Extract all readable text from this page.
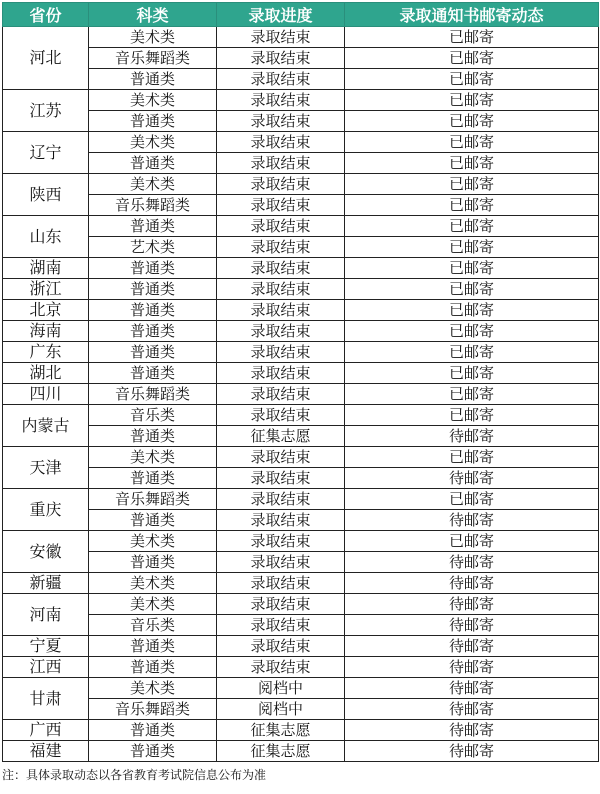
省份	科类	录取进度	录取通知书邮寄动态
河北	美术类	录取结束	已邮寄
	音乐舞蹈类	录取结束	已邮寄
	普通类	录取结束	已邮寄
江苏	美术类	录取结束	已邮寄
	普通类	录取结束	已邮寄
辽宁	美术类	录取结束	已邮寄
	普通类	录取结束	已邮寄
陕西	美术类	录取结束	已邮寄
	音乐舞蹈类	录取结束	已邮寄
山东	普通类	录取结束	已邮寄
	艺术类	录取结束	已邮寄
湖南	普通类	录取结束	已邮寄
浙江	普通类	录取结束	已邮寄
北京	普通类	录取结束	已邮寄
海南	普通类	录取结束	已邮寄
广东	普通类	录取结束	已邮寄
湖北	普通类	录取结束	已邮寄
四川	音乐舞蹈类	录取结束	已邮寄
内蒙古	音乐类	录取结束	已邮寄
	普通类	征集志愿	待邮寄
天津	美术类	录取结束	已邮寄
	普通类	录取结束	待邮寄
重庆	音乐舞蹈类	录取结束	已邮寄
	普通类	录取结束	待邮寄
安徽	美术类	录取结束	已邮寄
	普通类	录取结束	待邮寄
新疆	美术类	录取结束	待邮寄
河南	美术类	录取结束	待邮寄
	音乐类	录取结束	待邮寄
宁夏	普通类	录取结束	待邮寄
江西	普通类	录取结束	待邮寄
甘肃	美术类	阅档中	待邮寄
	音乐舞蹈类	阅档中	待邮寄
广西	普通类	征集志愿	待邮寄
福建	普通类	征集志愿	待邮寄
注：具体录取动态以各省教育考试院信息公布为准
